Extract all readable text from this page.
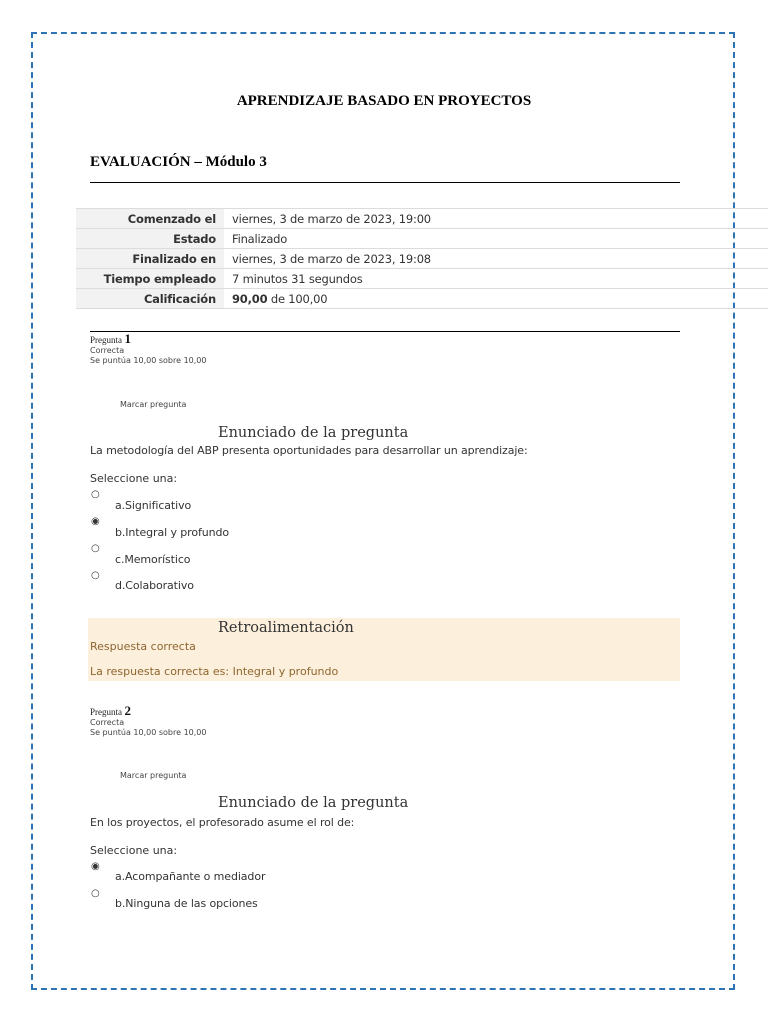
APRENDIZAJE BASADO EN PROYECTOS
EVALUACIÓN – Módulo 3
Comenzado el	viernes, 3 de marzo de 2023, 19:00
Estado	Finalizado
Finalizado en	viernes, 3 de marzo de 2023, 19:08
Tiempo empleado	7 minutos 31 segundos
Calificación	90,00 de 100,00
Pregunta 1
Correcta
Se puntúa 10,00 sobre 10,00
Marcar pregunta
Enunciado de la pregunta
La metodología del ABP presenta oportunidades para desarrollar un aprendizaje:
Seleccione una:
○
a.Significativo
◉
b.Integral y profundo
○
c.Memorístico
○
d.Colaborativo
Retroalimentación
Respuesta correcta
La respuesta correcta es: Integral y profundo
Pregunta 2
Correcta
Se puntúa 10,00 sobre 10,00
Marcar pregunta
Enunciado de la pregunta
En los proyectos, el profesorado asume el rol de:
Seleccione una:
◉
a.Acompañante o mediador
○
b.Ninguna de las opciones
